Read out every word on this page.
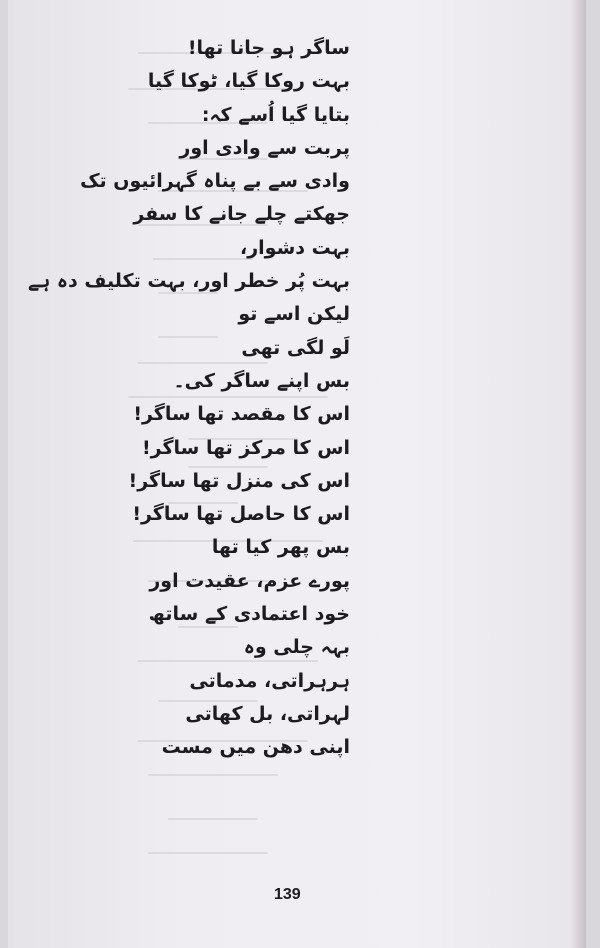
ساگر ہو جانا تھا!
بہت روکا گیا، ٹوکا گیا
بتایا گیا اُسے کہ:
پربت سے وادی اور
وادی سے بے پناہ گہرائیوں تک
جھکتے چلے جانے کا سفر
بہت دشوار،
بہت پُر خطر اور، بہت تکلیف دہ ہے
لیکن اسے تو
لَو لگی تھی
بس اپنے ساگر کی۔
اس کا مقصد تھا ساگر!
اس کا مرکز تھا ساگر!
اس کی منزل تھا ساگر!
اس کا حاصل تھا ساگر!
بس پھر کیا تھا
پورے عزم، عقیدت اور
خود اعتمادی کے ساتھ
بہہ چلی وہ
ہرہراتی، مدماتی
لہراتی، بل کھاتی
اپنی دھن میں مست
139
